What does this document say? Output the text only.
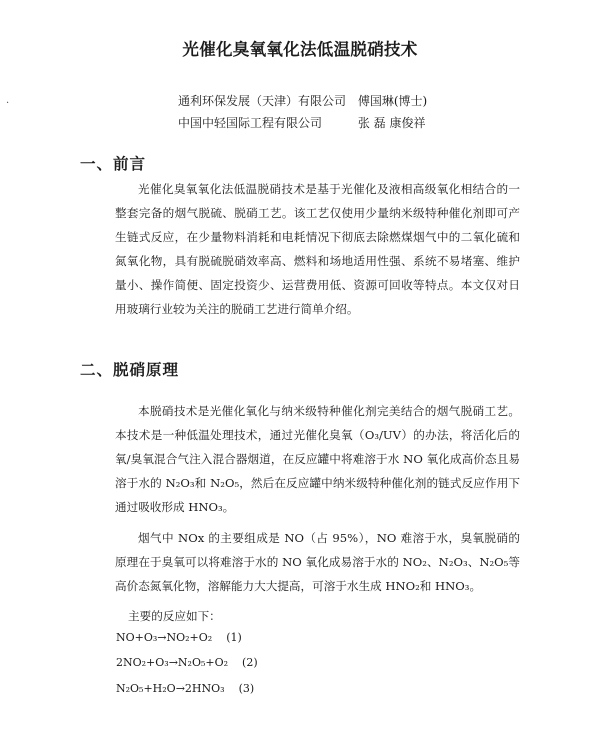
光催化臭氧氧化法低温脱硝技术
通利环保发展（天津）有限公司 傅国琳(博士)
中国中轻国际工程有限公司	张 磊 康俊祥
一、前言

光催化臭氧氧化法低温脱硝技术是基于光催化及液相高级氧化相结合的一整套完备的烟气脱硫、脱硝工艺。该工艺仅使用少量纳米级特种催化剂即可产生链式反应，在少量物料消耗和电耗情况下彻底去除燃煤烟气中的二氧化硫和氮氧化物，具有脱硫脱硝效率高、燃料和场地适用性强、系统不易堵塞、维护量小、操作简便、固定投资少、运营费用低、资源可回收等特点。本文仅对日用玻璃行业较为关注的脱硝工艺进行简单介绍。

二、脱硝原理

本脱硝技术是光催化氧化与纳米级特种催化剂完美结合的烟气脱硝工艺。本技术是一种低温处理技术，通过光催化臭氧（O₃/UV）的办法，将活化后的氧/臭氧混合气注入混合器烟道，在反应罐中将难溶于水 NO 氧化成高价态且易溶于水的 N₂O₃和 N₂O₅，然后在反应罐中纳米级特种催化剂的链式反应作用下通过吸收形成 HNO₃。

烟气中 NOx 的主要组成是 NO（占 95%），NO 难溶于水，臭氧脱硝的原理在于臭氧可以将难溶于水的 NO 氧化成易溶于水的 NO₂、N₂O₃、N₂O₅等高价态氮氧化物，溶解能力大大提高，可溶于水生成 HNO₂和 HNO₃。

主要的反应如下：
NO+O₃→NO₂+O₂ (1)
2NO₂+O₃→N₂O₅+O₂ (2)
N₂O₅+H₂O→2HNO₃ (3)
·
